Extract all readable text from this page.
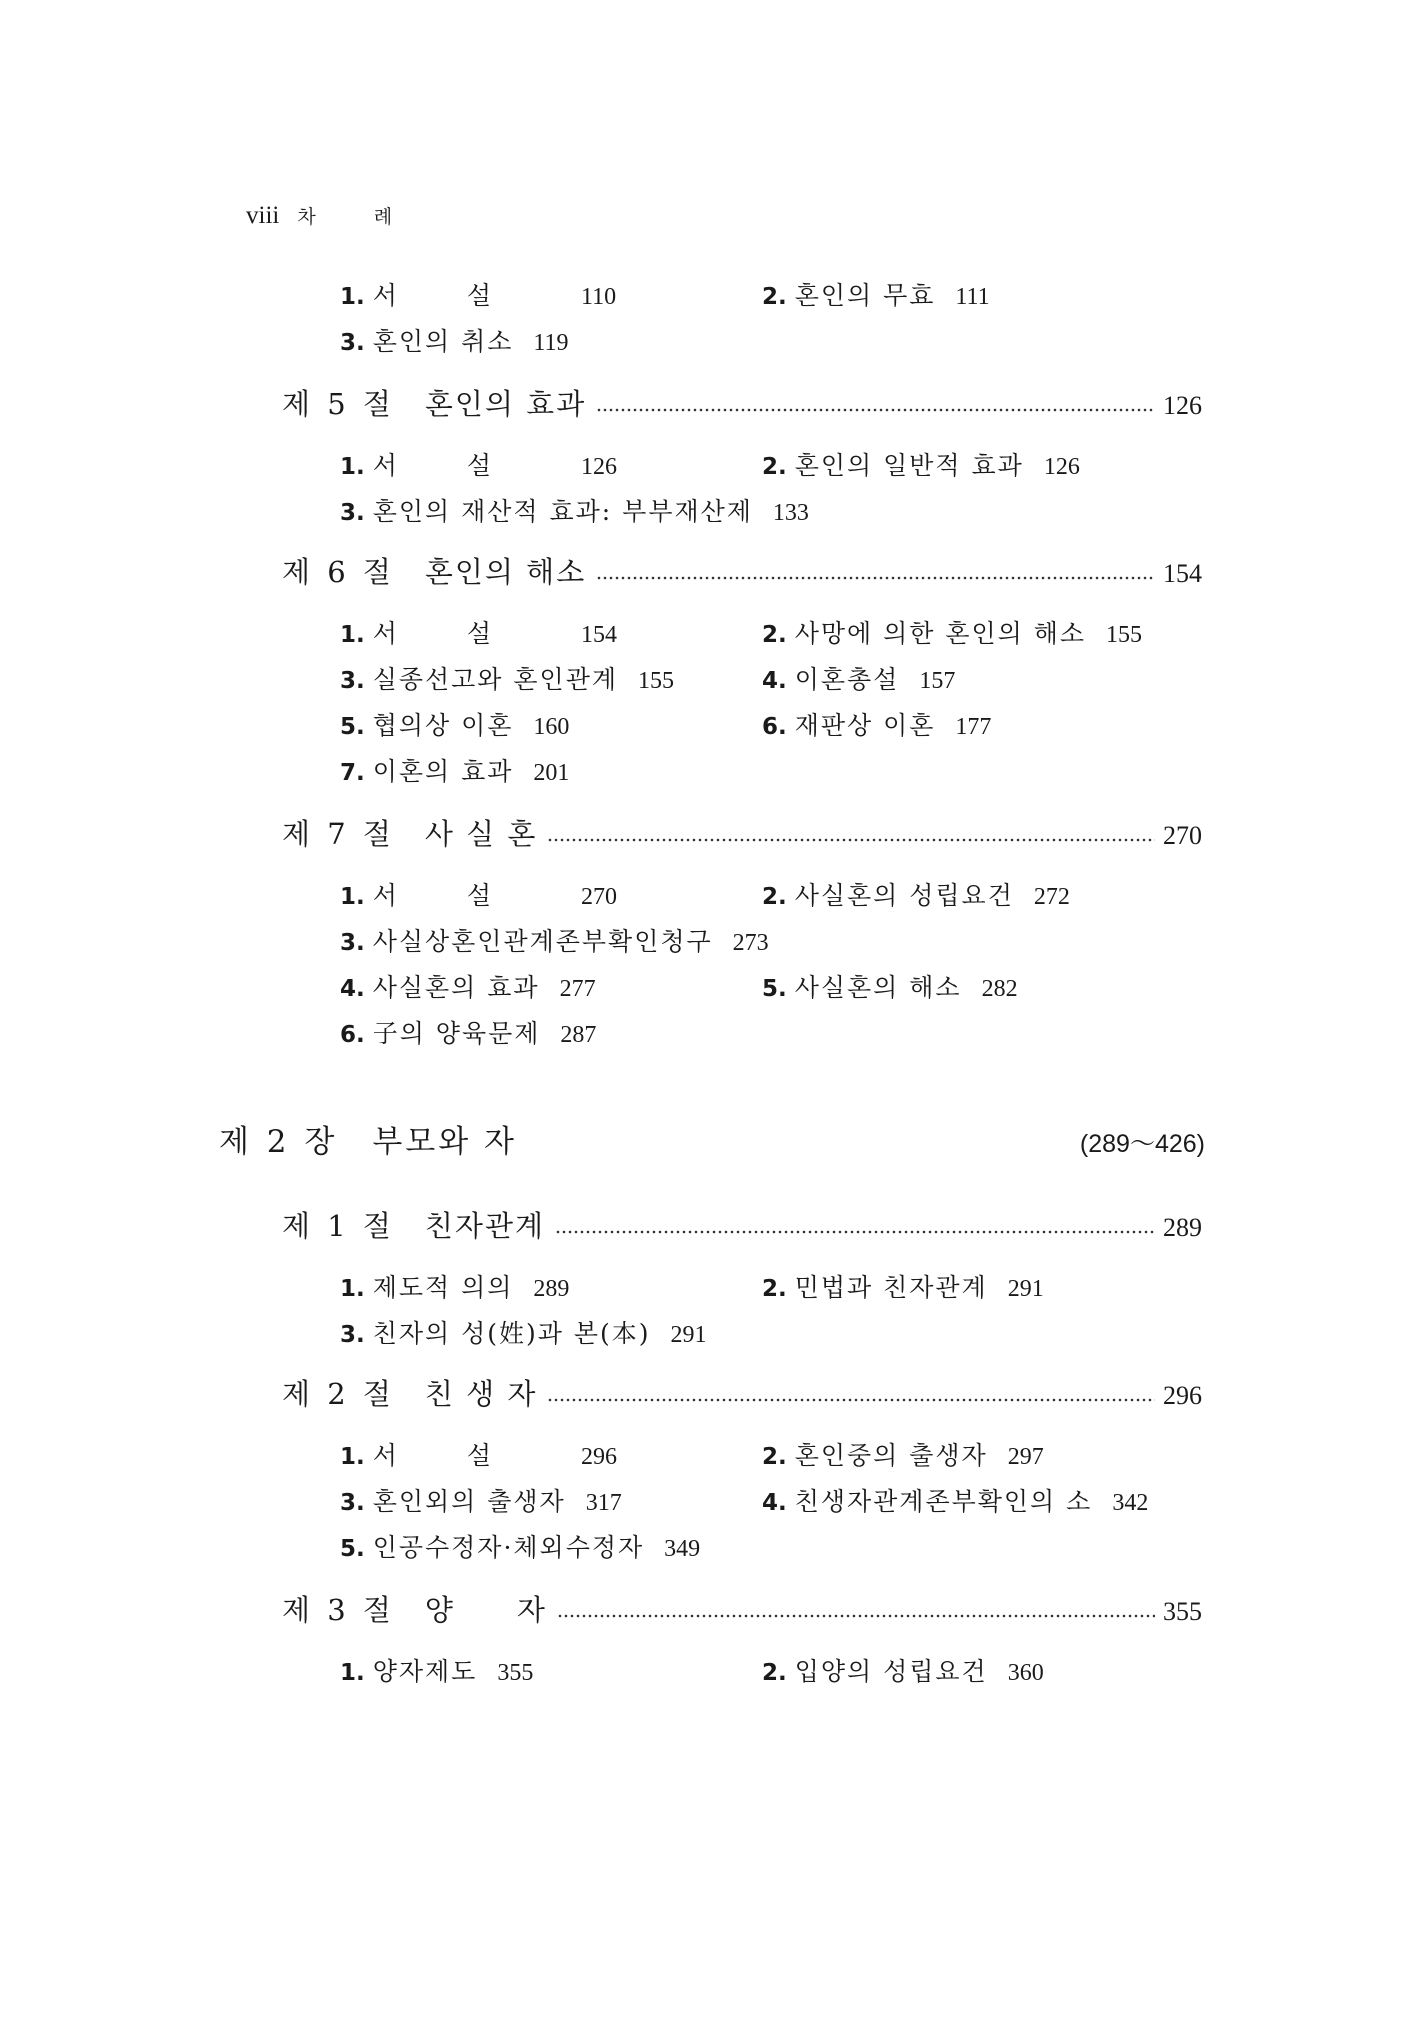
viii 차 례
1. 서설 110	2. 혼인의 무효 111
3. 혼인의 취소 119
제 5 절 혼인의 효과	126
1. 서설 126	2. 혼인의 일반적 효과 126
3. 혼인의 재산적 효과: 부부재산제 133
제 6 절 혼인의 해소	154
1. 서설 154	2. 사망에 의한 혼인의 해소 155
3. 실종선고와 혼인관계 155	4. 이혼총설 157
5. 협의상 이혼 160	6. 재판상 이혼 177
7. 이혼의 효과 201
제 7 절 사 실 혼	270
1. 서설 270	2. 사실혼의 성립요건 272
3. 사실상혼인관계존부확인청구 273
4. 사실혼의 효과 277	5. 사실혼의 해소 282
6. 子의 양육문제 287
제 2 장 부모와 자	(289～426)
제 1 절 친자관계	289
1. 제도적 의의 289	2. 민법과 친자관계 291
3. 친자의 성(姓)과 본(本) 291
제 2 절 친 생 자	296
1. 서설 296	2. 혼인중의 출생자 297
3. 혼인외의 출생자 317	4. 친생자관계존부확인의 소 342
5. 인공수정자·체외수정자 349
제 3 절 양　　자	355
1. 양자제도 355	2. 입양의 성립요건 360
